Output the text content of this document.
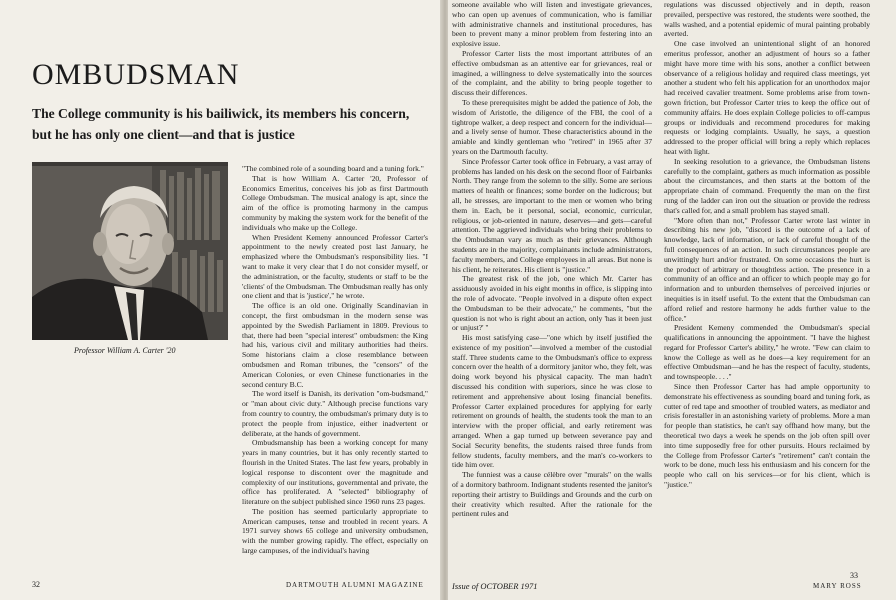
OMBUDSMAN
The College community is his bailiwick, its members his concern, but he has only one client—and that is justice
Professor William A. Carter '20

"The combined role of a sounding board and a tuning fork."

That is how William A. Carter '20, Professor of Economics Emeritus, conceives his job as first Dartmouth College Ombudsman. The musical analogy is apt, since the aim of the office is promoting harmony in the campus community by making the system work for the benefit of the individuals who make up the College.

When President Kemeny announced Professor Carter's appointment to the newly created post last January, he emphasized where the Ombudsman's responsibility lies. "I want to make it very clear that I do not consider myself, or the administration, or the faculty, students or staff to be the 'clients' of the Ombudsman. The Ombudsman really has only one client and that is 'justice'," he wrote.

The office is an old one. Originally Scandinavian in concept, the first ombudsman in the modern sense was appointed by the Swedish Parliament in 1809. Previous to that, there had been "special interest" ombudsmen: the King had his, various civil and military authorities had theirs. Some historians claim a close resemblance between ombudsmen and Roman tribunes, the "censors" of the American Colonies, or even Chinese functionaries in the second century B.C.

The word itself is Danish, its derivation "om-budsmand," or "man about civic duty." Although precise functions vary from country to country, the ombudsman's primary duty is to protect the people from injustice, either inadvertent or deliberate, at the hands of government.

Ombudsmanship has been a working concept for many years in many countries, but it has only recently started to flourish in the United States. The last few years, probably in logical response to discontent over the magnitude and complexity of our institutions, governmental and private, the office has proliferated. A "selected" bibliography of literature on the subject published since 1960 runs 23 pages.

The position has seemed particularly appropriate to American campuses, tense and troubled in recent years. A 1971 survey shows 65 college and university ombudsmen, with the number growing rapidly. The effect, especially on large campuses, of the individual's having

32	DARTMOUTH ALUMNI MAGAZINE

someone available who will listen and investigate grievances, who can open up avenues of communication, who is familiar with administrative channels and institutional procedures, has been to prevent many a minor problem from festering into an explosive issue.

Professor Carter lists the most important attributes of an effective ombudsman as an attentive ear for grievances, real or imagined, a willingness to delve systematically into the sources of the complaint, and the ability to bring people together to discuss their differences.

To these prerequisites might be added the patience of Job, the wisdom of Aristotle, the diligence of the FBI, the cool of a tightrope walker, a deep respect and concern for the individual—and a lively sense of humor. These characteristics abound in the amiable and kindly gentleman who "retired" in 1965 after 37 years on the Dartmouth faculty.

Since Professor Carter took office in February, a vast array of problems has landed on his desk on the second floor of Fairbanks North. They range from the solemn to the silly. Some are serious matters of health or finances; some border on the ludicrous; but all, he stresses, are important to the men or women who bring them in. Each, be it personal, social, economic, curricular, religious, or job-oriented in nature, deserves—and gets—careful attention. The aggrieved individuals who bring their problems to the Ombudsman vary as much as their grievances. Although students are in the majority, complainants include administrators, faculty members, and College employees in all areas. But none is his client, he reiterates. His client is "justice."

The greatest risk of the job, one which Mr. Carter has assiduously avoided in his eight months in office, is slipping into the role of advocate. "People involved in a dispute often expect the Ombudsman to be their advocate," he comments, "but the question is not who is right about an action, only 'has it been just or unjust?' "

His most satisfying case—"one which by itself justified the existence of my position"—involved a member of the custodial staff. Three students came to the Ombudsman's office to express concern over the health of a dormitory janitor who, they felt, was doing work beyond his physical capacity. The man hadn't discussed his condition with superiors, since he was close to retirement and apprehensive about losing financial benefits. Professor Carter explained procedures for applying for early retirement on grounds of health, the students took the man to an interview with the proper official, and early retirement was arranged. When a gap turned up between severance pay and Social Security benefits, the students raised three funds from fellow students, faculty members, and the man's co-workers to tide him over.

The funniest was a cause célèbre over "murals" on the walls of a dormitory bathroom. Indignant students resented the janitor's reporting their artistry to Buildings and Grounds and the curb on their creativity which resulted. After the rationale for the pertinent rules and

regulations was discussed objectively and in depth, reason prevailed, perspective was restored, the students were soothed, the walls washed, and a potential epidemic of mural painting probably averted.

One case involved an unintentional slight of an honored emeritus professor, another an adjustment of hours so a father might have more time with his sons, another a conflict between observance of a religious holiday and required class meetings, yet another a student who felt his application for an unorthodox major had received cavalier treatment. Some problems arise from town-gown friction, but Professor Carter tries to keep the office out of community affairs. He does explain College policies to off-campus groups or individuals and recommend procedures for making requests or lodging complaints. Usually, he says, a question addressed to the proper official will bring a reply which replaces heat with light.

In seeking resolution to a grievance, the Ombudsman listens carefully to the complaint, gathers as much information as possible about the circumstances, and then starts at the bottom of the appropriate chain of command. Frequently the man on the first rung of the ladder can iron out the situation or provide the redress that's called for, and a small problem has stayed small.

"More often than not," Professor Carter wrote last winter in describing his new job, "discord is the outcome of a lack of knowledge, lack of information, or lack of careful thought of the full consequences of an action. In such circumstances people are unwittingly hurt and/or frustrated. On some occasions the hurt is the product of arbitrary or thoughtless action. The presence in a community of an office and an officer to which people may go for information and to unburden themselves of perceived injuries or inequities is in itself useful. To the extent that the Ombudsman can afford relief and restore harmony he adds further value to the office."

President Kemeny commended the Ombudsman's special qualifications in announcing the appointment. "I have the highest regard for Professor Carter's ability," he wrote. "Few can claim to know the College as well as he does—a key requirement for an effective Ombudsman—and he has the respect of faculty, students, and townspeople. . . ."

Since then Professor Carter has had ample opportunity to demonstrate his effectiveness as sounding board and tuning fork, as cutter of red tape and smoother of troubled waters, as mediator and crisis forestaller in an astonishing variety of problems. More a man for people than statistics, he can't say offhand how many, but the theoretical two days a week he spends on the job often spill over into time supposedly free for other pursuits. Hours reclaimed by the College from Professor Carter's "retirement" can't contain the work to be done, much less his enthusiasm and his concern for the people who call on his services—or for his client, which is "justice."

MARY ROSS
Issue of OCTOBER 1971
33
